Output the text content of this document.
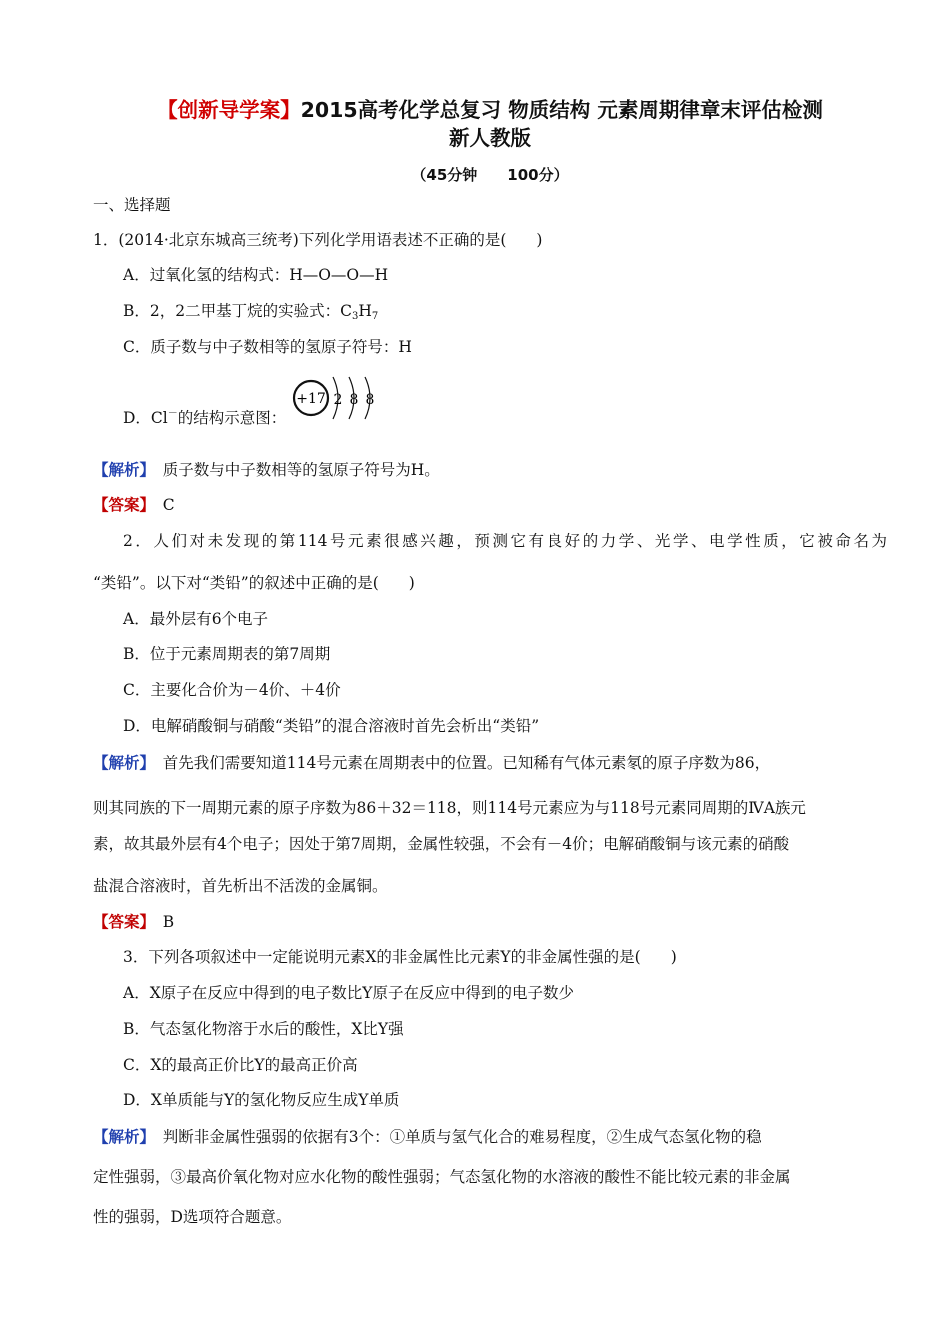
【创新导学案】2015高考化学总复习 物质结构 元素周期律章末评估检测
新人教版
（45分钟　　100分）
一、选择题
1．(2014·北京东城高三统考)下列化学用语表述不正确的是( )
A．过氧化氢的结构式：H—O—O—H
B．2，2二甲基丁烷的实验式：C3H7
C．质子数与中子数相等的氢原子符号：H
D．Cl－的结构示意图：
+17 2 8 8
【解析】　 质子数与中子数相等的氢原子符号为H。
【答案】　 C
2．人们对未发现的第114号元素很感兴趣，预测它有良好的力学、光学、电学性质，它被命名为
“类铅”。以下对“类铅”的叙述中正确的是( )
A．最外层有6个电子
B．位于元素周期表的第7周期
C．主要化合价为－4价、＋4价
D．电解硝酸铜与硝酸“类铅”的混合溶液时首先会析出“类铅”
【解析】　 首先我们需要知道114号元素在周期表中的位置。已知稀有气体元素氡的原子序数为86，
则其同族的下一周期元素的原子序数为86＋32＝118，则114号元素应为与118号元素同周期的ⅣA族元
素，故其最外层有4个电子；因处于第7周期，金属性较强，不会有－4价；电解硝酸铜与该元素的硝酸
盐混合溶液时，首先析出不活泼的金属铜。
【答案】　 B
3．下列各项叙述中一定能说明元素X的非金属性比元素Y的非金属性强的是( )
A．X原子在反应中得到的电子数比Y原子在反应中得到的电子数少
B．气态氢化物溶于水后的酸性，X比Y强
C．X的最高正价比Y的最高正价高
D．X单质能与Y的氢化物反应生成Y单质
【解析】　 判断非金属性强弱的依据有3个：①单质与氢气化合的难易程度，②生成气态氢化物的稳
定性强弱，③最高价氧化物对应水化物的酸性强弱；气态氢化物的水溶液的酸性不能比较元素的非金属
性的强弱，D选项符合题意。
